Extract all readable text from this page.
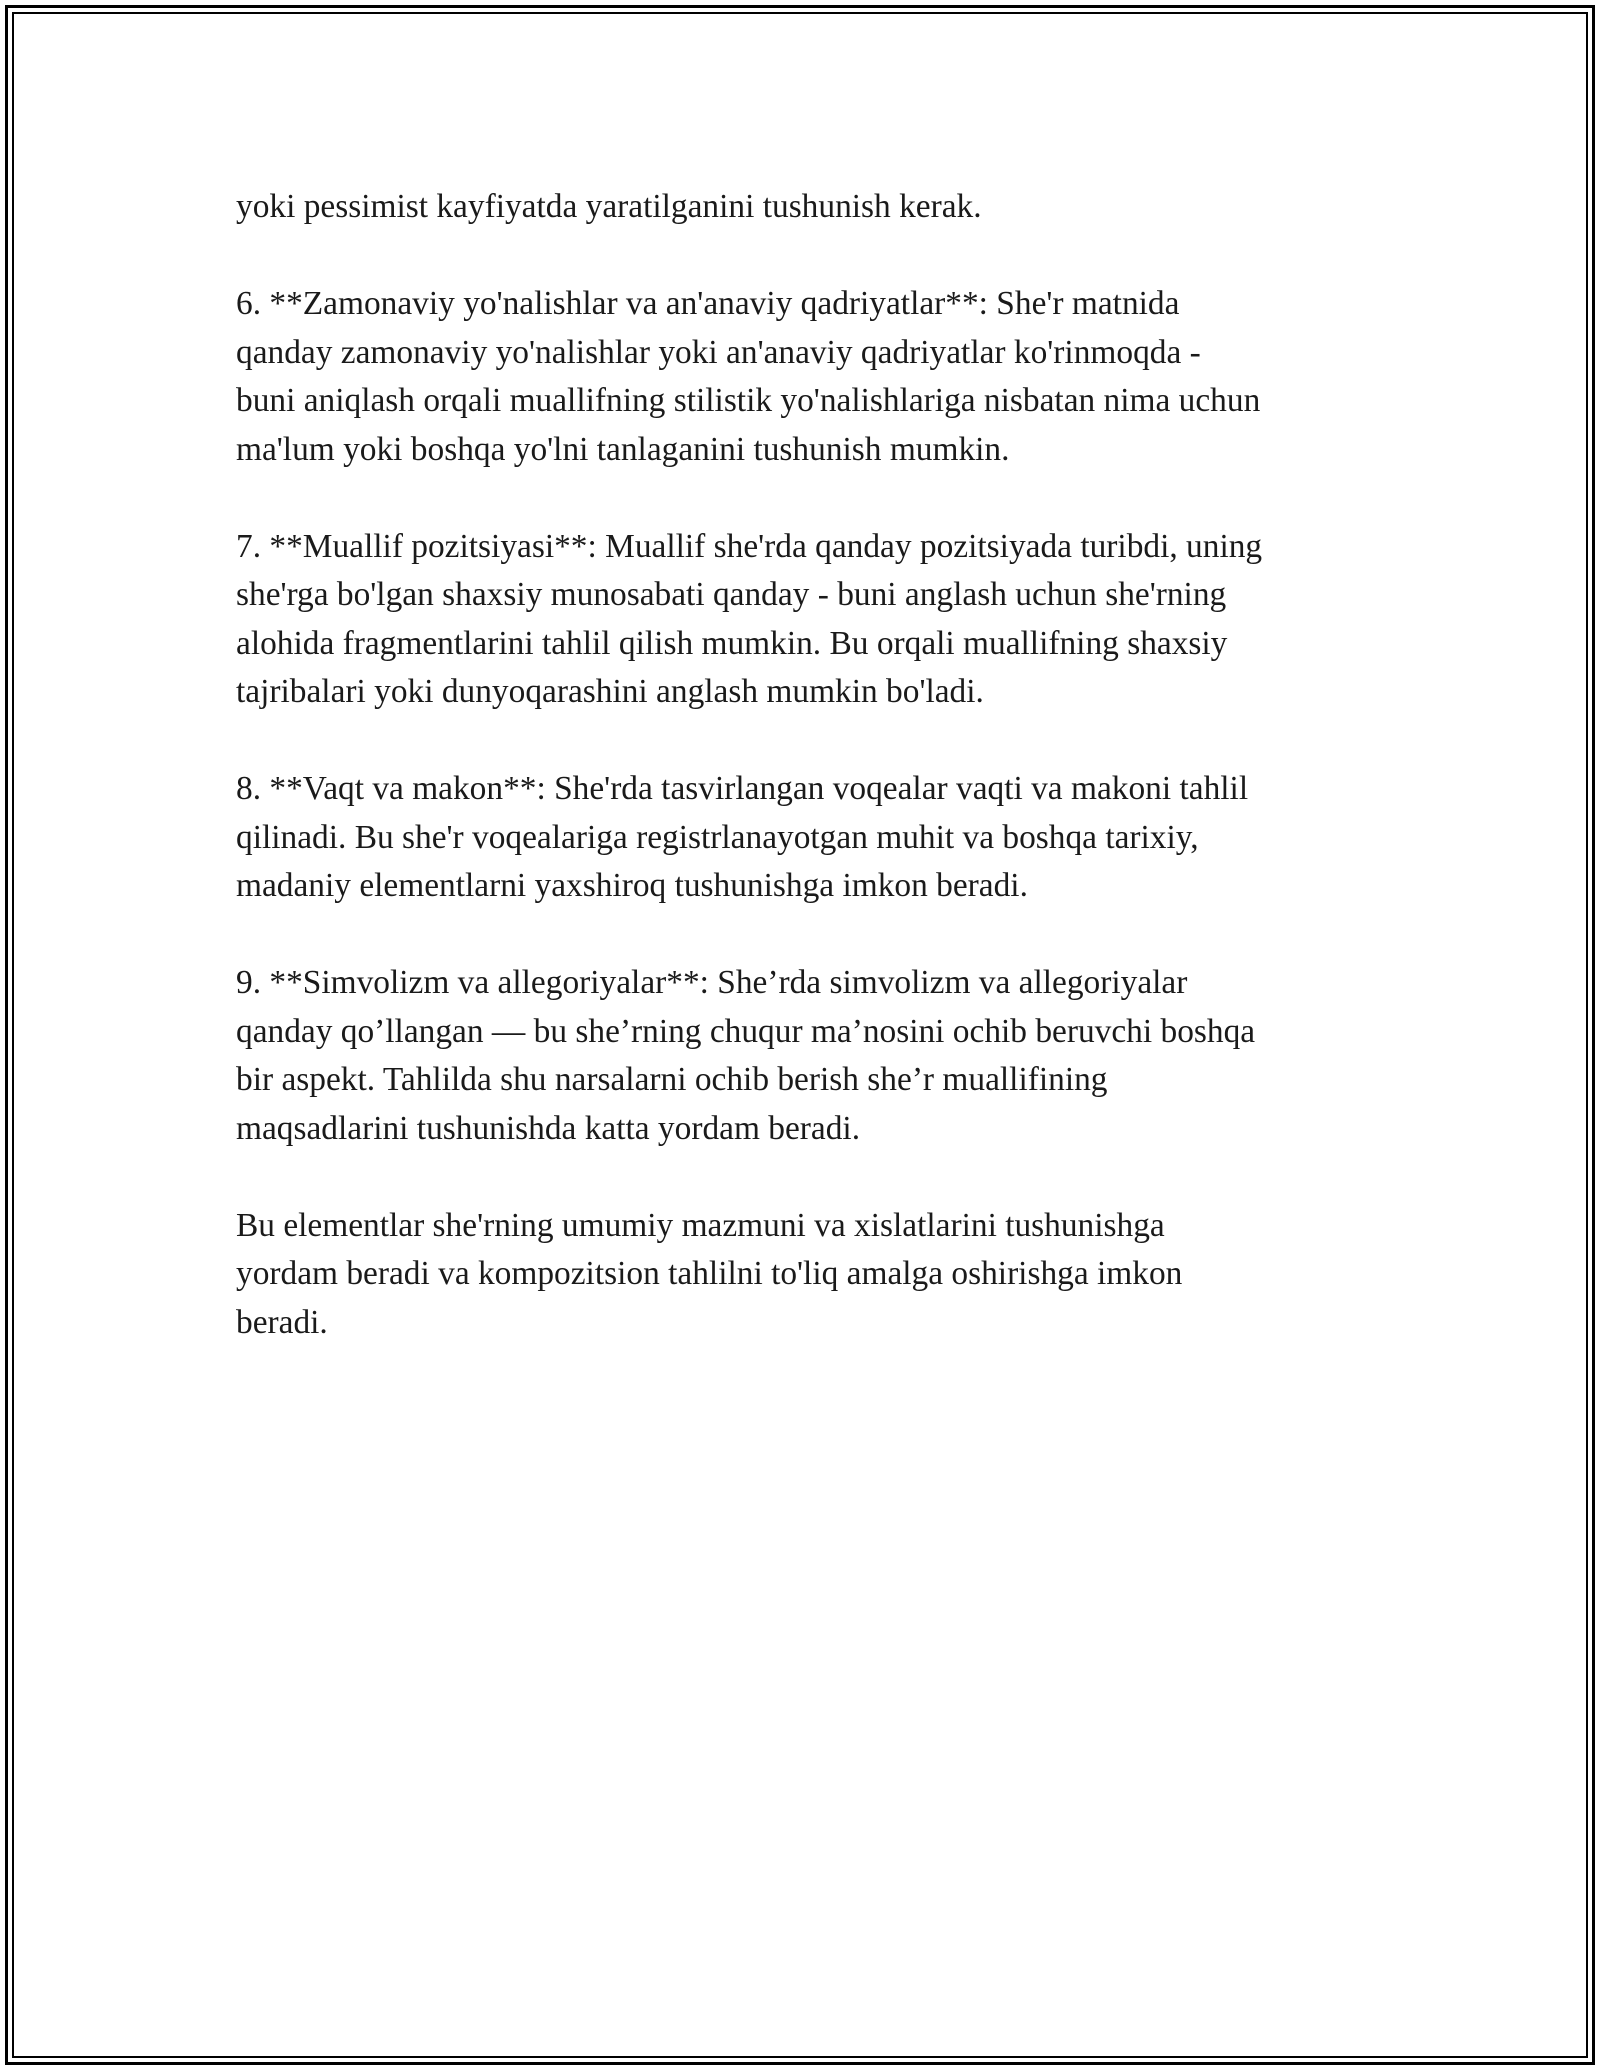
yoki pessimist kayfiyatda yaratilganini tushunish kerak.

6. **Zamonaviy yo'nalishlar va an'anaviy qadriyatlar**: She'r matnida
qanday zamonaviy yo'nalishlar yoki an'anaviy qadriyatlar ko'rinmoqda -
buni aniqlash orqali muallifning stilistik yo'nalishlariga nisbatan nima uchun
ma'lum yoki boshqa yo'lni tanlaganini tushunish mumkin.

7. **Muallif pozitsiyasi**: Muallif she'rda qanday pozitsiyada turibdi, uning
she'rga bo'lgan shaxsiy munosabati qanday - buni anglash uchun she'rning
alohida fragmentlarini tahlil qilish mumkin. Bu orqali muallifning shaxsiy
tajribalari yoki dunyoqarashini anglash mumkin bo'ladi.

8. **Vaqt va makon**: She'rda tasvirlangan voqealar vaqti va makoni tahlil
qilinadi. Bu she'r voqealariga registrlanayotgan muhit va boshqa tarixiy,
madaniy elementlarni yaxshiroq tushunishga imkon beradi.

9. **Simvolizm va allegoriyalar**: She’rda simvolizm va allegoriyalar
qanday qo’llangan — bu she’rning chuqur ma’nosini ochib beruvchi boshqa
bir aspekt. Tahlilda shu narsalarni ochib berish she’r muallifining
maqsadlarini tushunishda katta yordam beradi.

Bu elementlar she'rning umumiy mazmuni va xislatlarini tushunishga
yordam beradi va kompozitsion tahlilni to'liq amalga oshirishga imkon
beradi.
